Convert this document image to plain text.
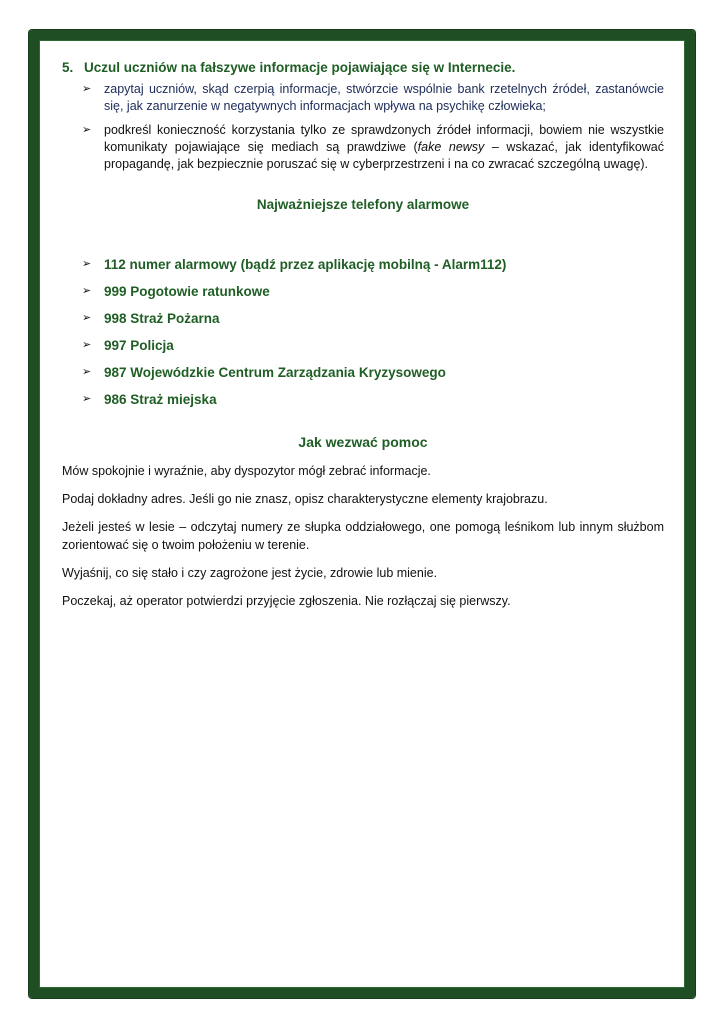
5. Uczul uczniów na fałszywe informacje pojawiające się w Internecie.
➢ zapytaj uczniów, skąd czerpią informacje, stwórzcie wspólnie bank rzetelnych źródeł, zastanówcie się, jak zanurzenie w negatywnych informacjach wpływa na psychikę człowieka;
➢ podkreśl konieczność korzystania tylko ze sprawdzonych źródeł informacji, bowiem nie wszystkie komunikaty pojawiające się mediach są prawdziwe (fake newsy – wskazać, jak identyfikować propagandę, jak bezpiecznie poruszać się w cyberprzestrzeni i na co zwracać szczególną uwagę).
Najważniejsze telefony alarmowe
➢ 112 numer alarmowy (bądź przez aplikację mobilną - Alarm112)
➢ 999 Pogotowie ratunkowe
➢ 998 Straż Pożarna
➢ 997 Policja
➢ 987 Wojewódzkie Centrum Zarządzania Kryzysowego
➢ 986 Straż miejska
Jak wezwać pomoc

Mów spokojnie i wyraźnie, aby dyspozytor mógł zebrać informacje.

Podaj dokładny adres. Jeśli go nie znasz, opisz charakterystyczne elementy krajobrazu.

Jeżeli jesteś w lesie – odczytaj numery ze słupka oddziałowego, one pomogą leśnikom lub innym służbom zorientować się o twoim położeniu w terenie.

Wyjaśnij, co się stało i czy zagrożone jest życie, zdrowie lub mienie.

Poczekaj, aż operator potwierdzi przyjęcie zgłoszenia. Nie rozłączaj się pierwszy.
